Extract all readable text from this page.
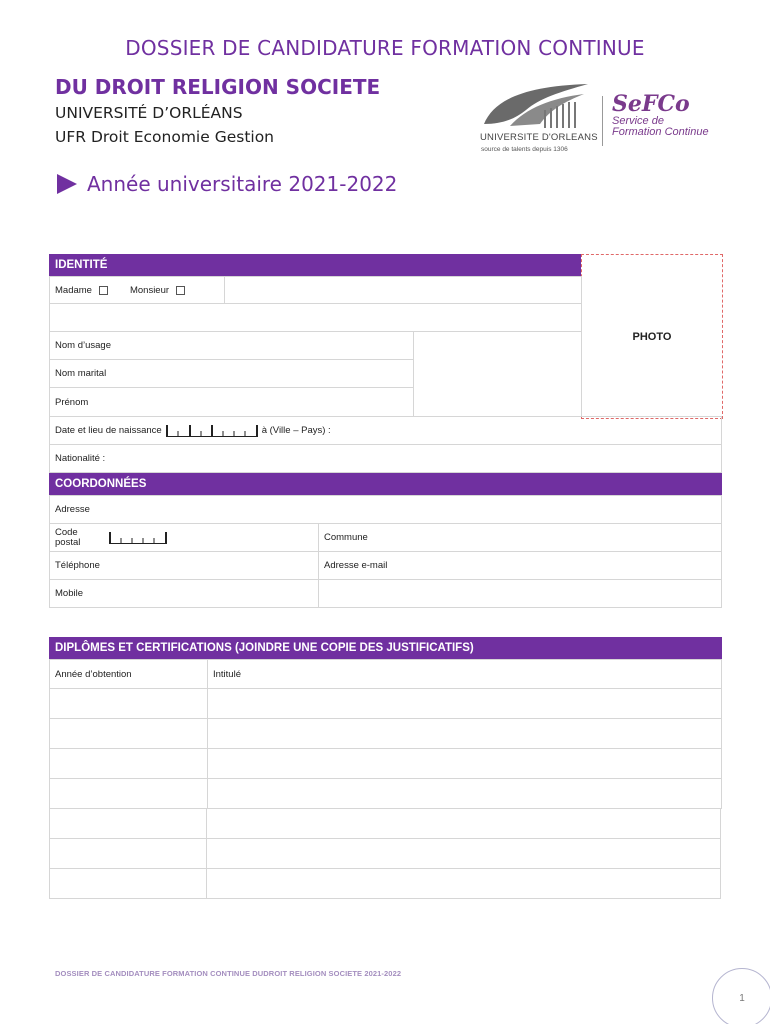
DOSSIER DE CANDIDATURE FORMATION CONTINUE
DU DROIT RELIGION SOCIETE
UNIVERSITÉ D’ORLÉANS
UFR Droit Economie Gestion	UNIVERSITE D'ORLEANS
source de talents depuis 1306
SeFCo
Service de
Formation Continue
Année universitaire 2021-2022
IDENTITÉ
PHOTO
Madame	Monsieur
Nom d’usage
Nom marital
Prénom
Date et lieu de naissance	à (Ville – Pays) :
Nationalité :
COORDONNÉES
Adresse
Code postal	Commune
Téléphone	Adresse e-mail
Mobile
DIPLÔMES ET CERTIFICATIONS (JOINDRE UNE COPIE DES JUSTIFICATIFS)
Année d’obtention	Intitulé
DOSSIER DE CANDIDATURE FORMATION CONTINUE DUDROIT RELIGION SOCIETE 2021-2022
1
